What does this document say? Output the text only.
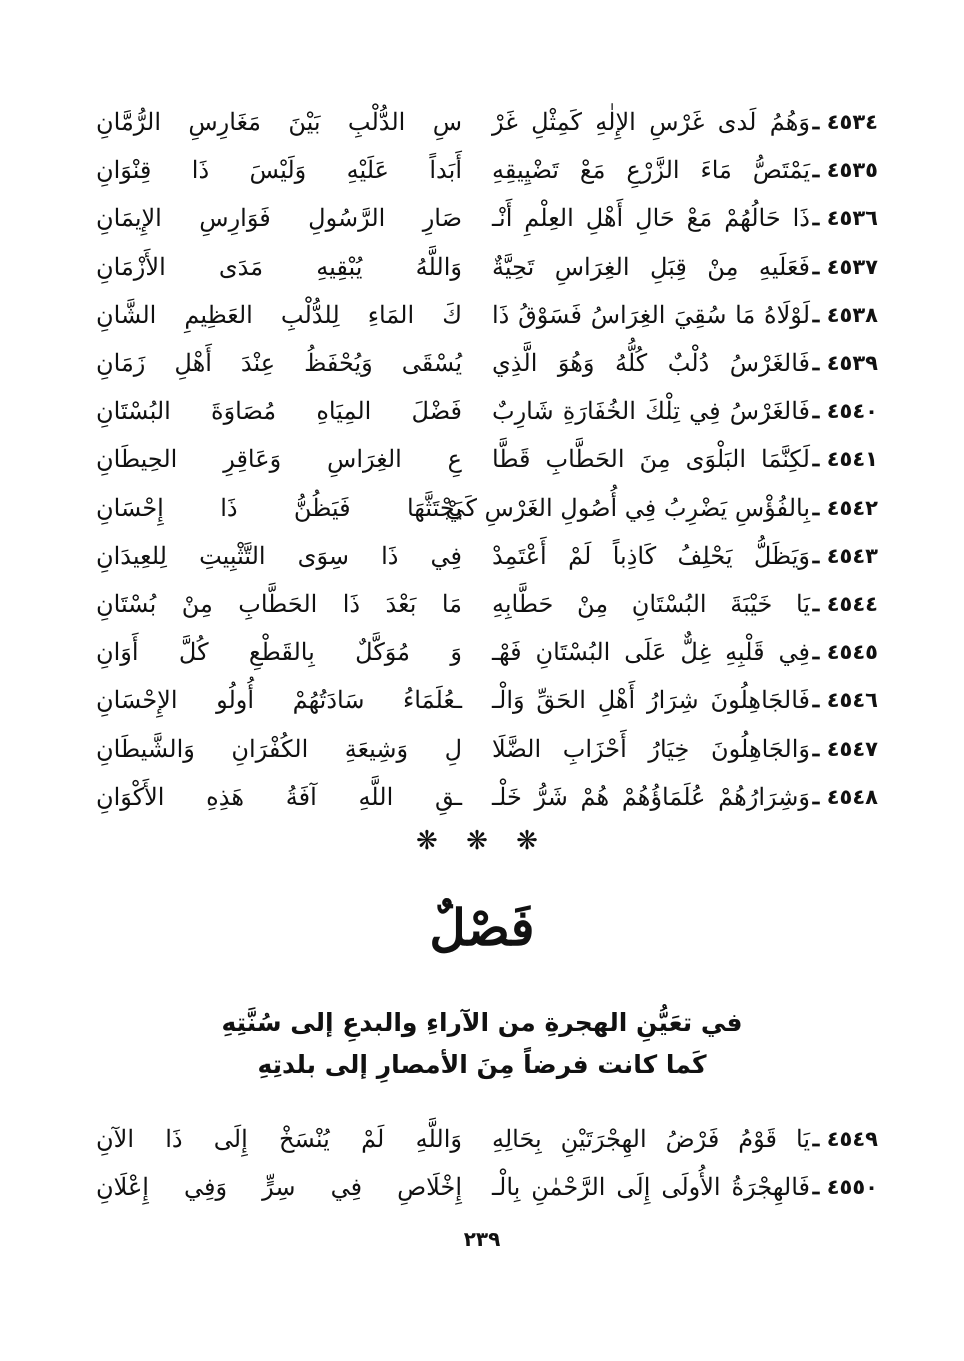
٤٥٣٤
ـ
وَهُمُ لَدى غَرْسِ الإِلٰهِ كَمِثْلِ غَرْ
سِ الدُّلْبِ بَيْنَ مَغَارِسِ الرُّمَّانِ
٤٥٣٥
ـ
يَمْتَصُّ مَاءَ الزَّرْعِ مَعْ تَضْيِيقِهِ
أَبَداً عَلَيْهِ وَلَيْسَ ذَا قِنْوَانِ
٤٥٣٦
ـ
ذَا حَالُهُمْ مَعْ حَالِ أَهْلِ العِلْمِ أَنْـ
صَارِ الرَّسُولِ فَوَارِسِ الإِيمَانِ
٤٥٣٧
ـ
فَعَلَيهِ مِنْ قِبَلِ الغِرَاسِ تَحِيَّةٌ
وَاللَّهُ يُبْقِيهِ مَدَى الأَزْمَانِ
٤٥٣٨
ـ
لَوْلَاهُ مَا سُقِيَ الغِرَاسُ فَسَوْقُ ذَا
كَ المَاءِ لِلدُّلْبِ العَظِيمِ الشَّانِ
٤٥٣٩
ـ
فَالغَرْسُ دُلْبٌ كُلُّهُ وَهُوَ الَّذِي
يُسْقَى وَيُحْفَظُ عِنْدَ أَهْلِ زَمَانِ
٤٥٤٠
ـ
فَالغَرْسُ فِي تِلْكَ الخُفَارَةِ شَارِبٌ
فَضْلَ المِيَاهِ مُصَاوَةَ البُسْتَانِ
٤٥٤١
ـ
لَكِنَّمَا البَلْوَى مِنَ الحَطَّابِ قَطَّا
عِ الغِرَاسِ وَعَاقِرِ الحِيطَانِ
٤٥٤٢
ـ
بِالفُؤْسِ يَضْرِبُ فِي أُصُولِ الغَرْسِ كَيْ
يَجْتَثَّهَا فَيَظُنُّ ذَا إِحْسَانِ
٤٥٤٣
ـ
وَيَظَلُّ يَحْلِفُ كَاذِباً لَمْ أَعْتَمِدْ
فِي ذَا سِوَى التَّثْبِيتِ لِلعِيدَانِ
٤٥٤٤
ـ
يَا خَيْبَةَ البُسْتَانِ مِنْ حَطَّابِهِ
مَا بَعْدَ ذَا الحَطَّابِ مِنْ بُسْتَانِ
٤٥٤٥
ـ
فِي قَلْبِهِ غِلٌّ عَلَى البُسْتَانِ فَهْـ
وَ مُوَكَّلٌ بِالقَطْعِ كُلَّ أَوَانِ
٤٥٤٦
ـ
فَالجَاهِلُونَ شِرَارُ أَهْلِ الحَقِّ وَالْـ
ـعُلَمَاءُ سَادَتُهُمْ أُولُو الإِحْسَانِ
٤٥٤٧
ـ
وَالجَاهِلُونَ خِيَارُ أَحْزَابِ الضَّلَا
لِ وَشِيعَةِ الكُفْرَانِ وَالشَّيطَانِ
٤٥٤٨
ـ
وَشِرَارُهُمْ عُلَمَاؤُهُمْ هُمْ شَرُّ خَلْـ
ـقِ اللَّهِ آفَةُ هَذِهِ الأَكْوَانِ
❋ ❋ ❋
فَصْلٌ
في تعَيُّنِ الهجرةِ من الآراءِ والبدعِ إلى سُنَّتِهِ
كَما كانت فرضاً مِنَ الأمصارِ إلى بلدتِهِ
٤٥٤٩
ـ
يَا قَوْمُ فَرْضُ الهِجْرَتَيْنِ بِحَالِهِ
وَاللَّهِ لَمْ يُنْسَخْ إِلَى ذَا الآنِ
٤٥٥٠
ـ
فَالهِجْرَةُ الأُولَى إِلَى الرَّحْمٰنِ بِالْـ
إِخْلَاصِ فِي سِرٍّ وَفِي إِعْلَانِ
٢٣٩
